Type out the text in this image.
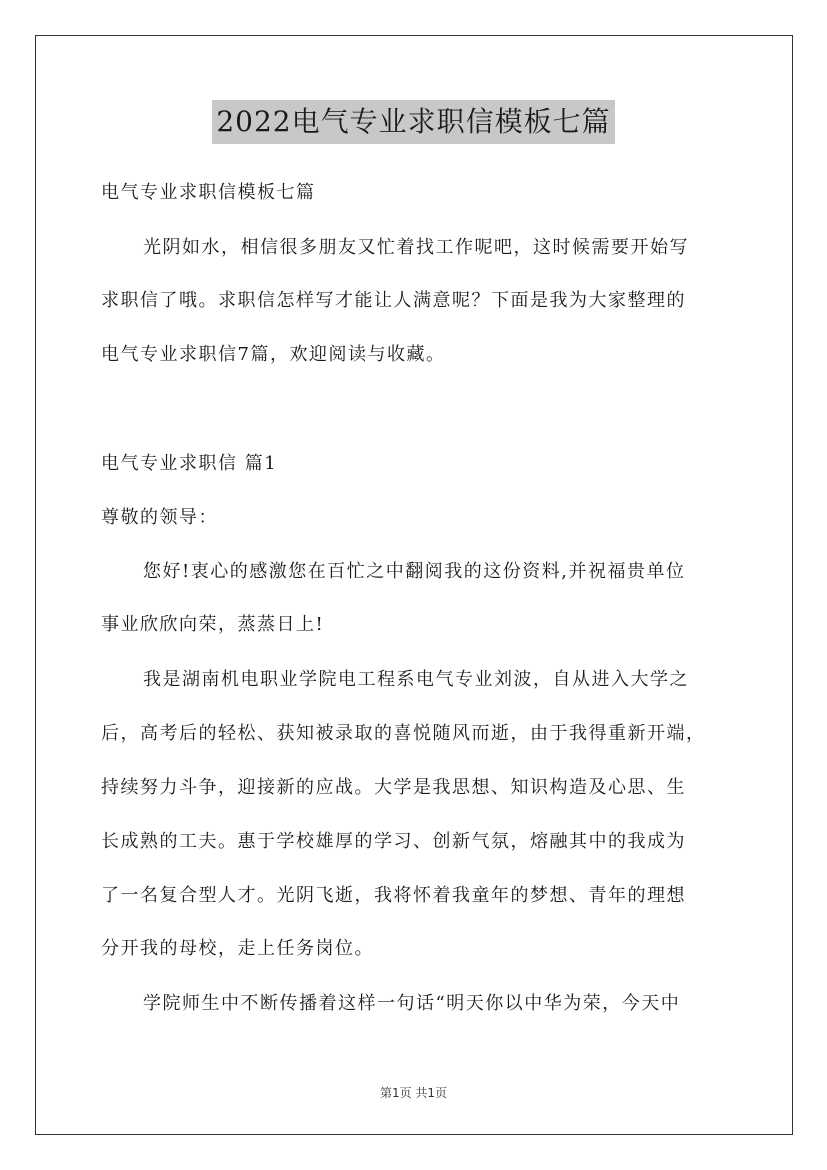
2022电气专业求职信模板七篇
电气专业求职信模板七篇
光阴如水，相信很多朋友又忙着找工作呢吧，这时候需要开始写
求职信了哦。求职信怎样写才能让人满意呢？下面是我为大家整理的
电气专业求职信7篇，欢迎阅读与收藏。
电气专业求职信 篇1
尊敬的领导：
您好!衷心的感激您在百忙之中翻阅我的这份资料,并祝福贵单位
事业欣欣向荣，蒸蒸日上!
我是湖南机电职业学院电工程系电气专业刘波，自从进入大学之
后，高考后的轻松、获知被录取的喜悦随风而逝，由于我得重新开端，
持续努力斗争，迎接新的应战。大学是我思想、知识构造及心思、生
长成熟的工夫。惠于学校雄厚的学习、创新气氛，熔融其中的我成为
了一名复合型人才。光阴飞逝，我将怀着我童年的梦想、青年的理想
分开我的母校，走上任务岗位。
学院师生中不断传播着这样一句话“明天你以中华为荣，今天中
第1页 共1页
